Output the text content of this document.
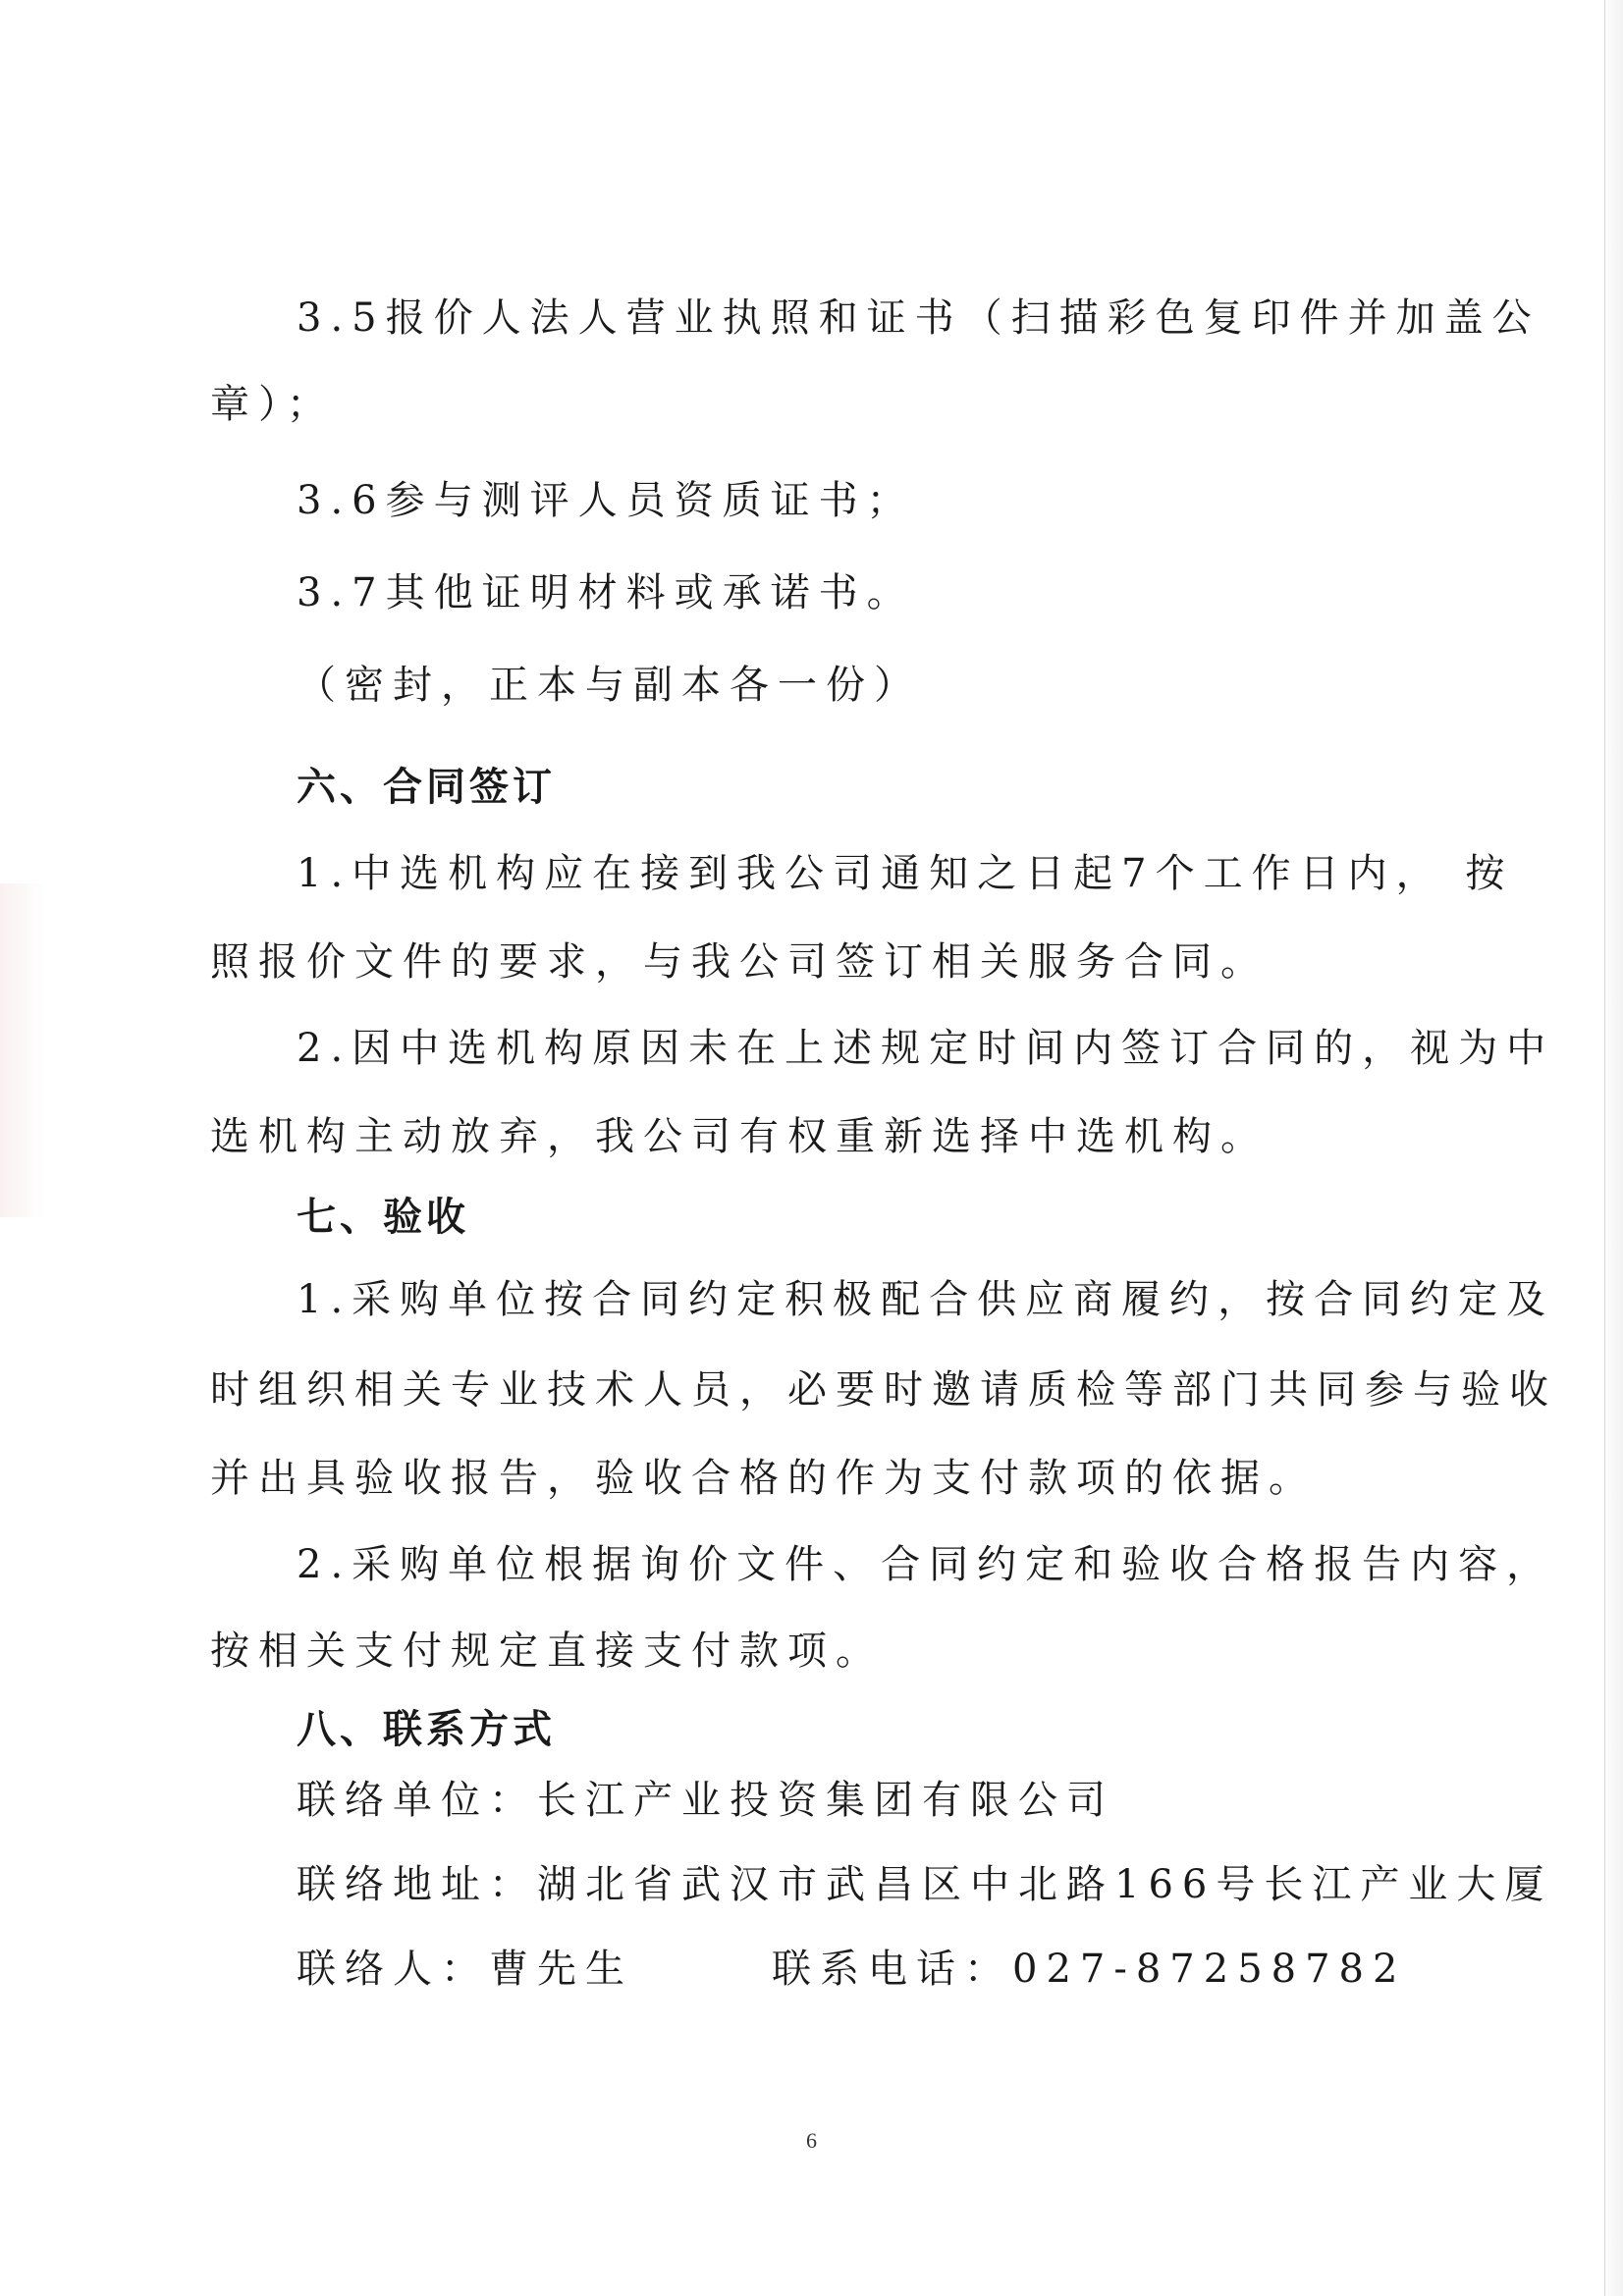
3.5报价人法人营业执照和证书（扫描彩色复印件并加盖公
章）；
3.6参与测评人员资质证书；
3.7其他证明材料或承诺书。
（密封，正本与副本各一份）
六、合同签订
1.中选机构应在接到我公司通知之日起7个工作日内， 按
照报价文件的要求，与我公司签订相关服务合同。
2.因中选机构原因未在上述规定时间内签订合同的，视为中
选机构主动放弃，我公司有权重新选择中选机构。
七、验收
1.采购单位按合同约定积极配合供应商履约，按合同约定及
时组织相关专业技术人员，必要时邀请质检等部门共同参与验收
并出具验收报告，验收合格的作为支付款项的依据。
2.采购单位根据询价文件、合同约定和验收合格报告内容，
按相关支付规定直接支付款项。
八、联系方式
联络单位：长江产业投资集团有限公司
联络地址：湖北省武汉市武昌区中北路166号长江产业大厦
联络人：曹先生	联系电话：027-87258782
6
